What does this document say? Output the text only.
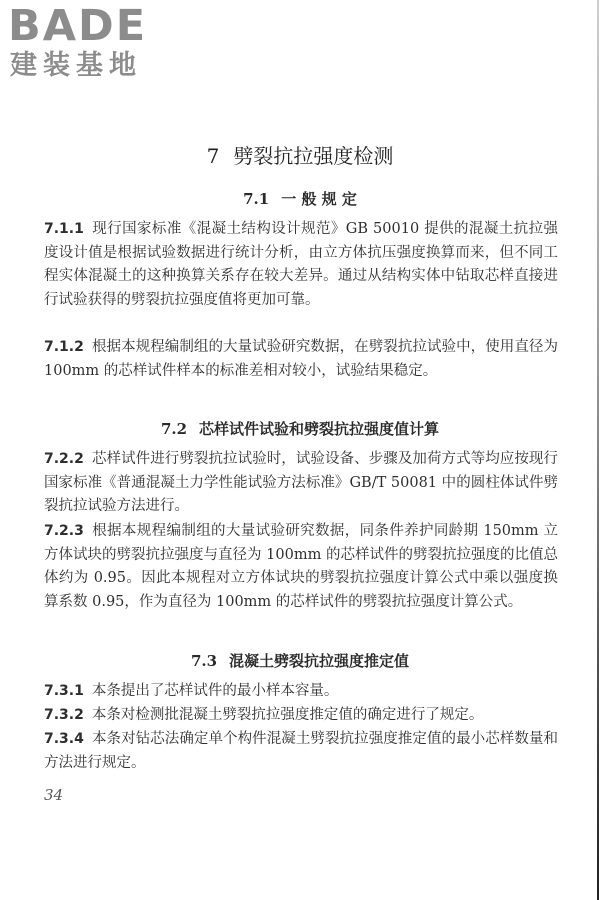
BADE
建装基地
7 劈裂抗拉强度检测
7.1 一 般 规 定
7.1.1 现行国家标准《混凝土结构设计规范》GB 50010 提供的混凝土抗拉强度设计值是根据试验数据进行统计分析，由立方体抗压强度换算而来，但不同工程实体混凝土的这种换算关系存在较大差异。通过从结构实体中钻取芯样直接进行试验获得的劈裂抗拉强度值将更加可靠。
7.1.2 根据本规程编制组的大量试验研究数据，在劈裂抗拉试验中，使用直径为 100mm 的芯样试件样本的标准差相对较小，试验结果稳定。
7.2 芯样试件试验和劈裂抗拉强度值计算
7.2.2 芯样试件进行劈裂抗拉试验时，试验设备、步骤及加荷方式等均应按现行国家标准《普通混凝土力学性能试验方法标准》GB/T 50081 中的圆柱体试件劈裂抗拉试验方法进行。
7.2.3 根据本规程编制组的大量试验研究数据，同条件养护同龄期 150mm 立方体试块的劈裂抗拉强度与直径为 100mm 的芯样试件的劈裂抗拉强度的比值总体约为 0.95。因此本规程对立方体试块的劈裂抗拉强度计算公式中乘以强度换算系数 0.95，作为直径为 100mm 的芯样试件的劈裂抗拉强度计算公式。
7.3 混凝土劈裂抗拉强度推定值
7.3.1 本条提出了芯样试件的最小样本容量。
7.3.2 本条对检测批混凝土劈裂抗拉强度推定值的确定进行了规定。
7.3.4 本条对钻芯法确定单个构件混凝土劈裂抗拉强度推定值的最小芯样数量和方法进行规定。
34
